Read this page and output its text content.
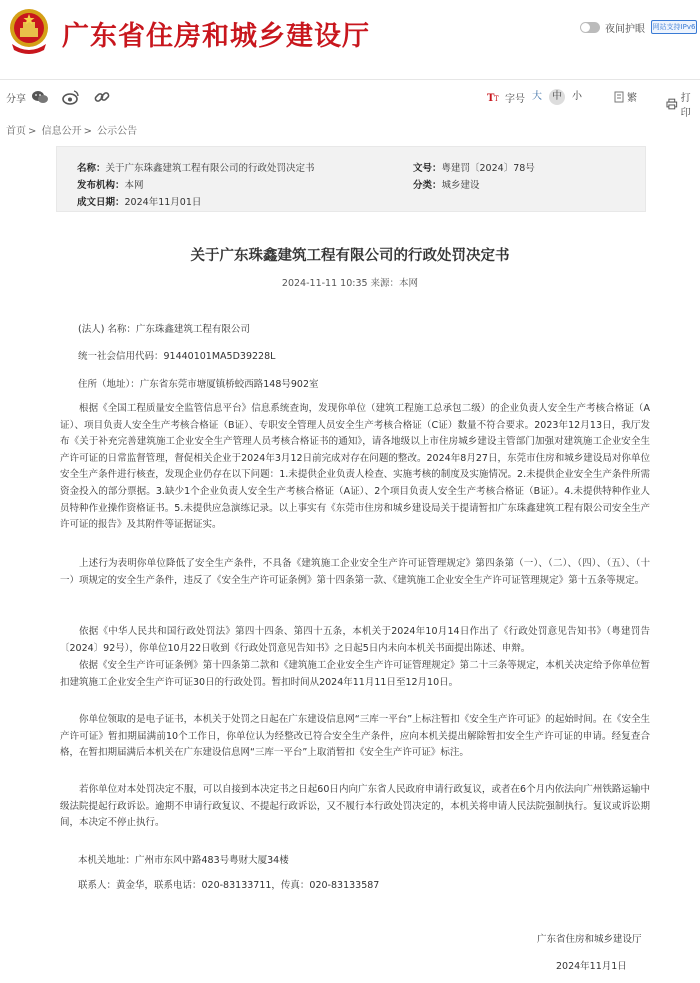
广东省住房和城乡建设厅	夜间护眼 网站支持IPv6
分享	T T 字号 大	中	小	繁	打印
首页 > 信息公开 > 公示公告
名称：关于广东珠鑫建筑工程有限公司的行政处罚决定书
发布机构：本网
成文日期：2024年11月01日
文号：粤建罚〔2024〕78号
分类：城乡建设
关于广东珠鑫建筑工程有限公司的行政处罚决定书
2024-11-11 10:35 来源：本网
(法人) 名称：广东珠鑫建筑工程有限公司
统一社会信用代码：91440101MA5D39228L
住所（地址）：广东省东莞市塘厦镇桥蛟西路148号902室
根据《全国工程质量安全监管信息平台》信息系统查询，发现你单位（建筑工程施工总承包二级）的企业负责人安全生产考核合格证（A证）、项目负责人安全生产考核合格证（B证）、专职安全管理人员安全生产考核合格证（C证）数量不符合要求。2023年12月13日，我厅发布《关于补充完善建筑施工企业安全生产管理人员考核合格证书的通知》，请各地级以上市住房城乡建设主管部门加强对建筑施工企业安全生产许可证的日常监督管理，督促相关企业于2024年3月12日前完成对存在问题的整改。2024年8月27日，东莞市住房和城乡建设局对你单位安全生产条件进行核查，发现企业仍存在以下问题：1.未提供企业负责人检查、实施考核的制度及实施情况。2.未提供企业安全生产条件所需资金投入的部分票据。3.缺少1个企业负责人安全生产考核合格证（A证）、2个项目负责人安全生产考核合格证（B证）。4.未提供特种作业人员特种作业操作资格证书。5.未提供应急演练记录。以上事实有《东莞市住房和城乡建设局关于提请暂扣广东珠鑫建筑工程有限公司安全生产许可证的报告》及其附件等证据证实。
上述行为表明你单位降低了安全生产条件，不具备《建筑施工企业安全生产许可证管理规定》第四条第（一）、（二）、（四）、（五）、（十一）项规定的安全生产条件，违反了《安全生产许可证条例》第十四条第一款、《建筑施工企业安全生产许可证管理规定》第十五条等规定。
依据《中华人民共和国行政处罚法》第四十四条、第四十五条，本机关于2024年10月14日作出了《行政处罚意见告知书》（粤建罚告〔2024〕92号），你单位10月22日收到《行政处罚意见告知书》之日起5日内未向本机关书面提出陈述、申辩。
依据《安全生产许可证条例》第十四条第二款和《建筑施工企业安全生产许可证管理规定》第二十三条等规定，本机关决定给予你单位暂扣建筑施工企业安全生产许可证30日的行政处罚。暂扣时间从2024年11月11日至12月10日。
你单位领取的是电子证书，本机关于处罚之日起在广东建设信息网“三库一平台”上标注暂扣《安全生产许可证》的起始时间。在《安全生产许可证》暂扣期届满前10个工作日，你单位认为经整改已符合安全生产条件，应向本机关提出解除暂扣安全生产许可证的申请。经复查合格，在暂扣期届满后本机关在广东建设信息网“三库一平台”上取消暂扣《安全生产许可证》标注。
若你单位对本处罚决定不服，可以自接到本决定书之日起60日内向广东省人民政府申请行政复议，或者在6个月内依法向广州铁路运输中级法院提起行政诉讼。逾期不申请行政复议、不提起行政诉讼，又不履行本行政处罚决定的，本机关将申请人民法院强制执行。复议或诉讼期间，本决定不停止执行。
本机关地址：广州市东风中路483号粤财大厦34楼
联系人：黄金华，联系电话：020-83133711，传真：020-83133587
广东省住房和城乡建设厅
2024年11月1日
